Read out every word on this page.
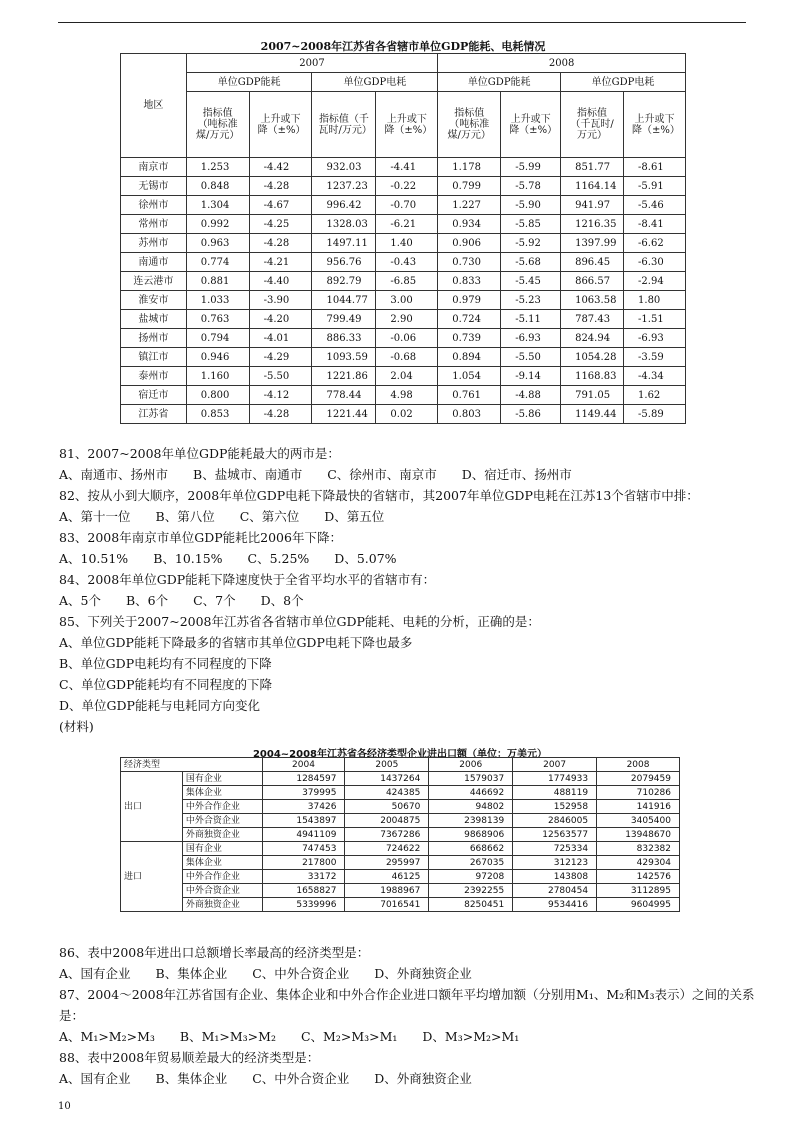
2007~2008年江苏省各省辖市单位GDP能耗、电耗情况
地区	2007				2008			
	单位GDP能耗		单位GDP电耗		单位GDP能耗		单位GDP电耗	
	指标值（吨标准煤/万元）	上升或下降（±%）	指标值（千瓦时/万元）	上升或下降（±%）	指标值（吨标准煤/万元）	上升或下降（±%）	指标值（千瓦时/万元）	上升或下降（±%）
南京市	1.253	-4.42	932.03	-4.41	1.178	-5.99	851.77	-8.61
无锡市	0.848	-4.28	1237.23	-0.22	0.799	-5.78	1164.14	-5.91
徐州市	1.304	-4.67	996.42	-0.70	1.227	-5.90	941.97	-5.46
常州市	0.992	-4.25	1328.03	-6.21	0.934	-5.85	1216.35	-8.41
苏州市	0.963	-4.28	1497.11	1.40	0.906	-5.92	1397.99	-6.62
南通市	0.774	-4.21	956.76	-0.43	0.730	-5.68	896.45	-6.30
连云港市	0.881	-4.40	892.79	-6.85	0.833	-5.45	866.57	-2.94
淮安市	1.033	-3.90	1044.77	3.00	0.979	-5.23	1063.58	1.80
盐城市	0.763	-4.20	799.49	2.90	0.724	-5.11	787.43	-1.51
扬州市	0.794	-4.01	886.33	-0.06	0.739	-6.93	824.94	-6.93
镇江市	0.946	-4.29	1093.59	-0.68	0.894	-5.50	1054.28	-3.59
泰州市	1.160	-5.50	1221.86	2.04	1.054	-9.14	1168.83	-4.34
宿迁市	0.800	-4.12	778.44	4.98	0.761	-4.88	791.05	1.62
江苏省	0.853	-4.28	1221.44	0.02	0.803	-5.86	1149.44	-5.89

81、2007~2008年单位GDP能耗最大的两市是：

A、南通市、扬州市　　B、盐城市、南通市　　C、徐州市、南京市　　D、宿迁市、扬州市

82、按从小到大顺序，2008年单位GDP电耗下降最快的省辖市，其2007年单位GDP电耗在江苏13个省辖市中排：

A、第十一位　　B、第八位　　C、第六位　　D、第五位

83、2008年南京市单位GDP能耗比2006年下降：

A、10.51%　　B、10.15%　　C、5.25%　　D、5.07%

84、2008年单位GDP能耗下降速度快于全省平均水平的省辖市有：

A、5个　　B、6个　　C、7个　　D、8个

85、下列关于2007~2008年江苏省各省辖市单位GDP能耗、电耗的分析，正确的是：

A、单位GDP能耗下降最多的省辖市其单位GDP电耗下降也最多

B、单位GDP电耗均有不同程度的下降

C、单位GDP能耗均有不同程度的下降

D、单位GDP能耗与电耗同方向变化

(材料)

2004~2008年江苏省各经济类型企业进出口额（单位：万美元）
经济类型		2004	2005	2006	2007	2008
出口	国有企业	1284597	1437264	1579037	1774933	2079459
	集体企业	379995	424385	446692	488119	710286
	中外合作企业	37426	50670	94802	152958	141916
	中外合资企业	1543897	2004875	2398139	2846005	3405400
	外商独资企业	4941109	7367286	9868906	12563577	13948670
进口	国有企业	747453	724622	668662	725334	832382
	集体企业	217800	295997	267035	312123	429304
	中外合作企业	33172	46125	97208	143808	142576
	中外合资企业	1658827	1988967	2392255	2780454	3112895
	外商独资企业	5339996	7016541	8250451	9534416	9604995

86、表中2008年进出口总额增长率最高的经济类型是：

A、国有企业　　B、集体企业　　C、中外合资企业　　D、外商独资企业

87、2004～2008年江苏省国有企业、集体企业和中外合作企业进口额年平均增加额（分别用M₁、M₂和M₃表示）之间的关系是：

A、M₁>M₂>M₃　　B、M₁>M₃>M₂　　C、M₂>M₃>M₁　　D、M₃>M₂>M₁

88、表中2008年贸易顺差最大的经济类型是：

A、国有企业　　B、集体企业　　C、中外合资企业　　D、外商独资企业

10
